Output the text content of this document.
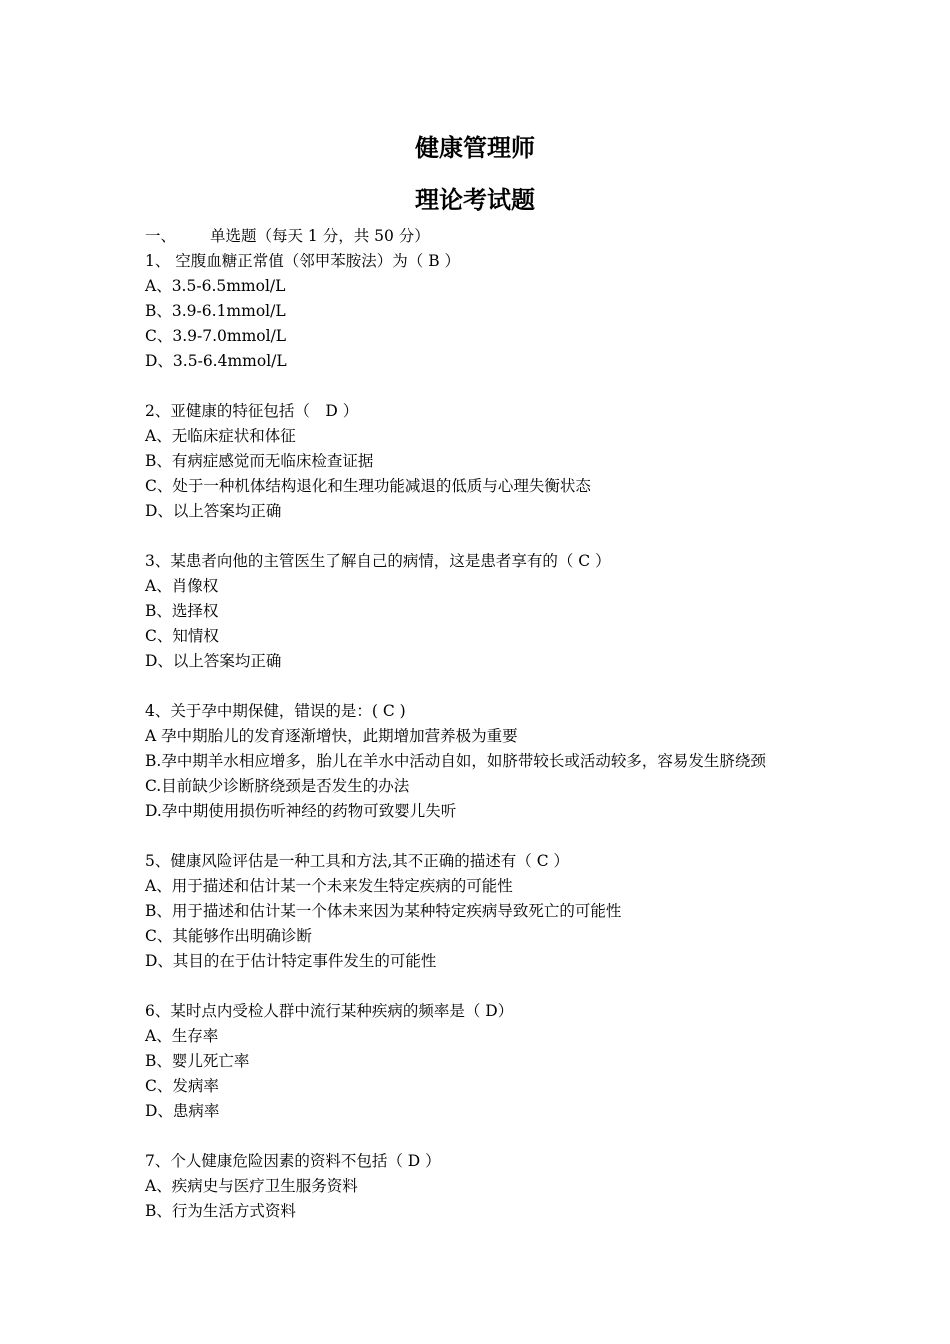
健康管理师
理论考试题
一、	单选题（每天 1 分，共 50 分）
1、 空腹血糖正常值（邻甲苯胺法）为（ B ）
A、3.5-6.5mmol/L
B、3.9-6.1mmol/L
C、3.9-7.0mmol/L
D、3.5-6.4mmol/L
2、亚健康的特征包括（　D ）
A、无临床症状和体征
B、有病症感觉而无临床检查证据
C、处于一种机体结构退化和生理功能减退的低质与心理失衡状态
D、以上答案均正确
3、某患者向他的主管医生了解自己的病情，这是患者享有的（ C ）
A、肖像权
B、选择权
C、知情权
D、以上答案均正确
4、关于孕中期保健，错误的是：( C )
A 孕中期胎儿的发育逐渐增快，此期增加营养极为重要
B.孕中期羊水相应增多，胎儿在羊水中活动自如，如脐带较长或活动较多，容易发生脐绕颈
C.目前缺少诊断脐绕颈是否发生的办法
D.孕中期使用损伤听神经的药物可致婴儿失听
5、健康风险评估是一种工具和方法,其不正确的描述有（ C ）
A、用于描述和估计某一个未来发生特定疾病的可能性
B、用于描述和估计某一个体未来因为某种特定疾病导致死亡的可能性
C、其能够作出明确诊断
D、其目的在于估计特定事件发生的可能性
6、某时点内受检人群中流行某种疾病的频率是（ D）
A、生存率
B、婴儿死亡率
C、发病率
D、患病率
7、个人健康危险因素的资料不包括（ D ）
A、疾病史与医疗卫生服务资料
B、行为生活方式资料
